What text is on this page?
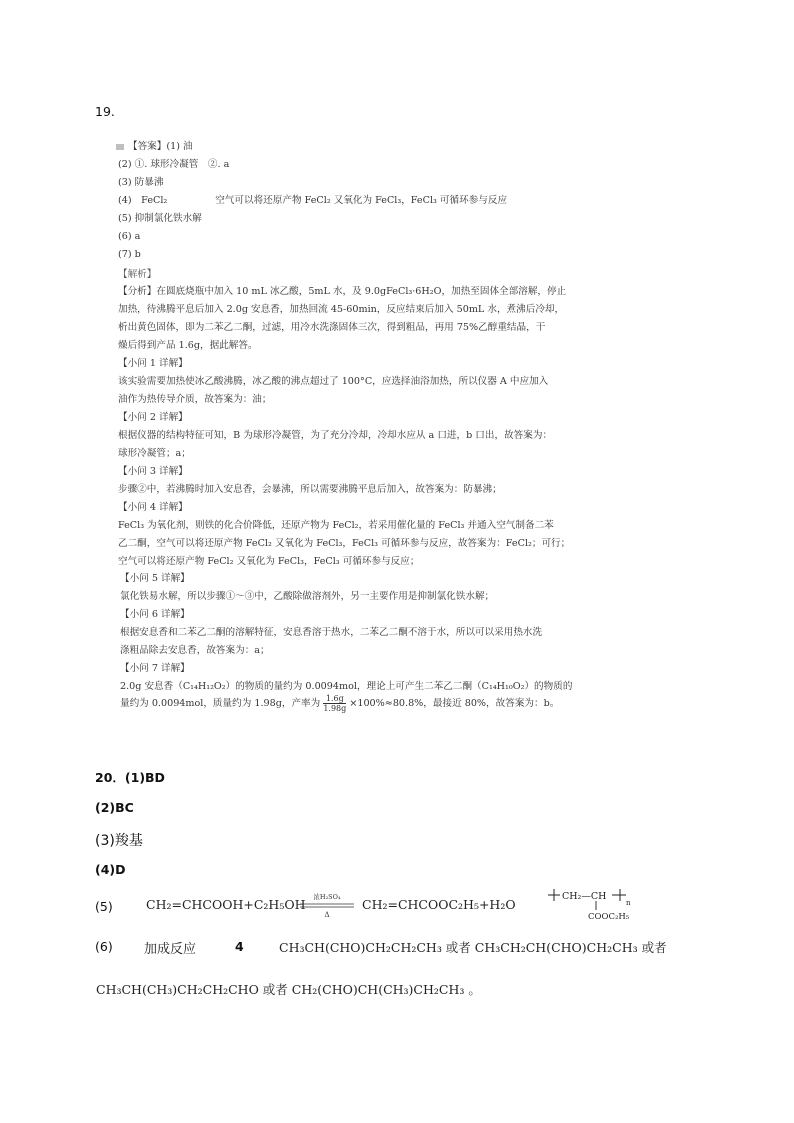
19.
【答案】(1) 油
(2) ①. 球形冷凝管　②. a
(3) 防暴沸
(4)　FeCl₂　　　　　空气可以将还原产物 FeCl₂ 又氧化为 FeCl₃，FeCl₃ 可循环参与反应
(5) 抑制氯化铁水解
(6) a
(7) b
【解析】
【分析】在圆底烧瓶中加入 10 mL 冰乙酸，5mL 水，及 9.0gFeCl₃·6H₂O，加热至固体全部溶解，停止
加热，待沸腾平息后加入 2.0g 安息香，加热回流 45-60min，反应结束后加入 50mL 水，煮沸后冷却，
析出黄色固体，即为二苯乙二酮，过滤，用冷水洗涤固体三次，得到粗品，再用 75%乙醇重结晶，干
燥后得到产品 1.6g，据此解答。
【小问 1 详解】
该实验需要加热使冰乙酸沸腾，冰乙酸的沸点超过了 100°C，应选择油浴加热，所以仪器 A 中应加入
油作为热传导介质，故答案为：油；
【小问 2 详解】
根据仪器的结构特征可知，B 为球形冷凝管，为了充分冷却，冷却水应从 a 口进，b 口出，故答案为：
球形冷凝管；a；
【小问 3 详解】
步骤②中，若沸腾时加入安息香，会暴沸，所以需要沸腾平息后加入，故答案为：防暴沸；
【小问 4 详解】
FeCl₃ 为氧化剂，则铁的化合价降低，还原产物为 FeCl₂，若采用催化量的 FeCl₃ 并通入空气制备二苯
乙二酮，空气可以将还原产物 FeCl₂ 又氧化为 FeCl₃，FeCl₃ 可循环参与反应，故答案为：FeCl₂；可行；
空气可以将还原产物 FeCl₂ 又氧化为 FeCl₃，FeCl₃ 可循环参与反应；
【小问 5 详解】
氯化铁易水解，所以步骤①～③中，乙酸除做溶剂外，另一主要作用是抑制氯化铁水解；
【小问 6 详解】
根据安息香和二苯乙二酮的溶解特征，安息香溶于热水，二苯乙二酮不溶于水，所以可以采用热水洗
涤粗品除去安息香，故答案为：a；
【小问 7 详解】
2.0g 安息香（C₁₄H₁₂O₂）的物质的量约为 0.0094mol，理论上可产生二苯乙二酮（C₁₄H₁₀O₂）的物质的
量约为 0.0094mol，质量约为 1.98g，产率为 $\frac{1.6g}{1.98g} \times 100\%\approx 80.8\%$，最接近 80%，故答案为：b。
20．(1)BD
(2)BC
(3)羧基
(4)D
(5)	CH₂=CHCOOH+C₂H₅OH 浓H₂SO₄
Δ
CH₂=CHCOOC₂H₅+H₂O
CH₂—CH
n
COOC₂H₅
(6) 加成反应	4	CH₃CH(CHO)CH₂CH₂CH₃ 或者 CH₃CH₂CH(CHO)CH₂CH₃ 或者
CH₃CH(CH₃)CH₂CH₂CHO 或者 CH₂(CHO)CH(CH₃)CH₂CH₃ 。
